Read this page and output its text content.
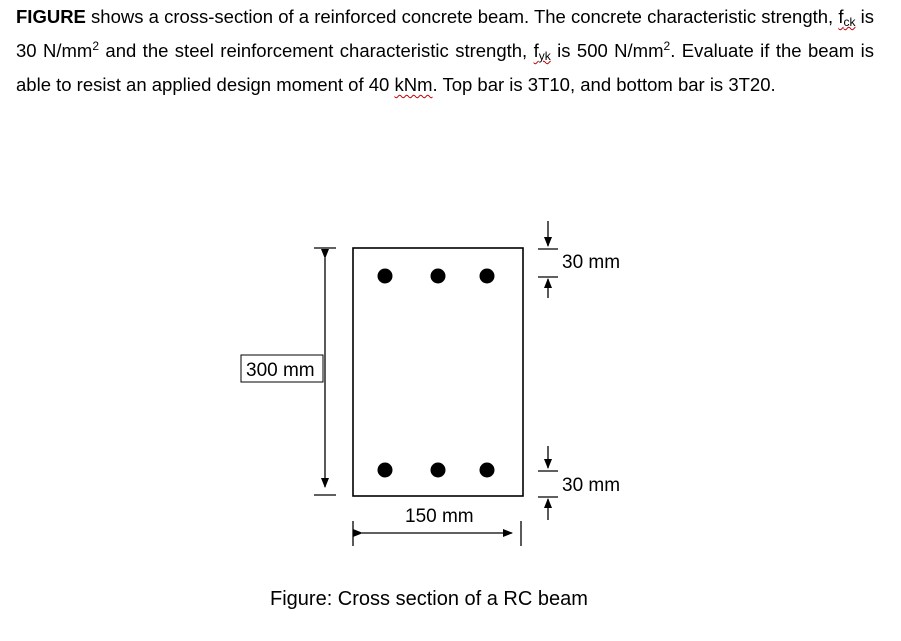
FIGURE shows a cross-section of a reinforced concrete beam. The concrete characteristic strength, $f_{ck}$ is 30 $N/mm^2$ and the steel reinforcement characteristic strength, $f_{yk}$ is 500 $N/mm^2$. Evaluate if the beam is able to resist an applied design moment of 40 kNm. Top bar is 3T10, and bottom bar is 3T20.
300 mm
150 mm
30 mm
30 mm
Figure: Cross section of a RC beam
